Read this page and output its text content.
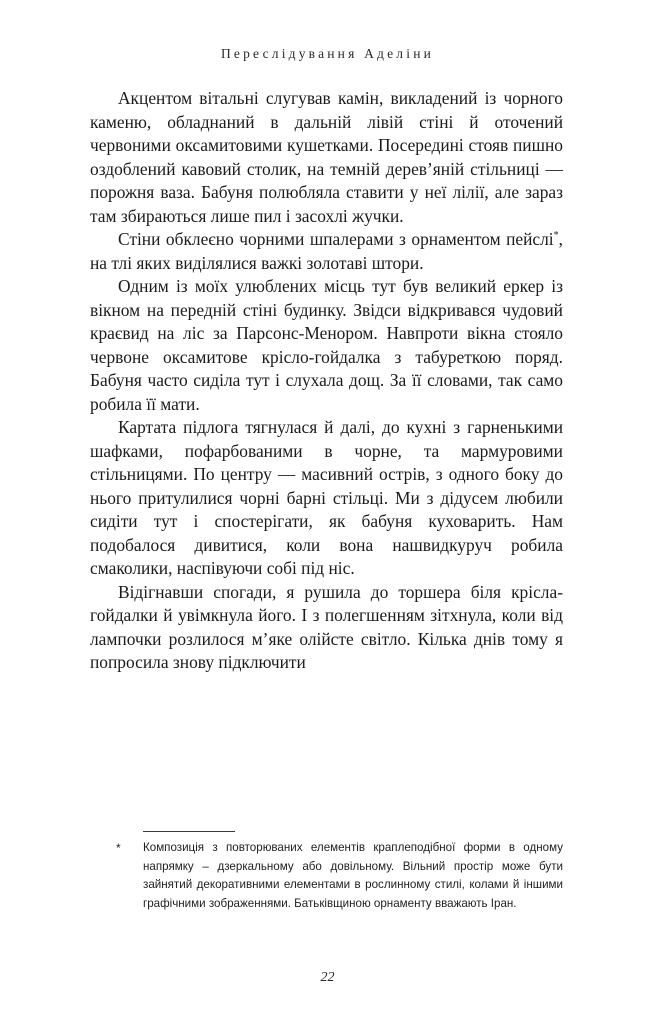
Переслідування Аделіни

Акцентом вітальні слугував камін, викладений із чорного каменю, обладнаний в дальній лівій стіні й оточений червоними оксамитовими кушетками. Посередині стояв пишно оздоблений кавовий столик, на темній дерев’яній стільниці — порожня ваза. Бабуня полюбляла ставити у неї лілії, але зараз там збираються лише пил і засохлі жучки.

Стіни обклеєно чорними шпалерами з орнаментом пейслі*, на тлі яких виділялися важкі золотаві штори.

Одним із моїх улюблених місць тут був великий еркер із вікном на передній стіні будинку. Звідси відкривався чудовий краєвид на ліс за Парсонс-Менором. Навпроти вікна стояло червоне оксамитове крісло-гойдалка з табуреткою поряд. Бабуня часто сиділа тут і слухала дощ. За її словами, так само робила її мати.

Картата підлога тягнулася й далі, до кухні з гарненькими шафками, пофарбованими в чорне, та мармуровими стільницями. По центру — масивний острів, з одного боку до нього притулилися чорні барні стільці. Ми з дідусем любили сидіти тут і спостерігати, як бабуня куховарить. Нам подобалося дивитися, коли вона нашвидкуруч робила смаколики, наспівуючи собі під ніс.

Відігнавши спогади, я рушила до торшера біля крісла-гойдалки й увімкнула його. І з полегшенням зітхнула, коли від лампочки розлилося м’яке олійсте світло. Кілька днів тому я попросила знову підключити

* Композиція з повторюваних елементів краплеподібної форми в одному напрямку – дзеркальному або довільному. Вільний простір може бути зайнятий декоративними елементами в рослинному стилі, колами й іншими графічними зображеннями. Батьківщиною орнаменту вважають Іран.
22
